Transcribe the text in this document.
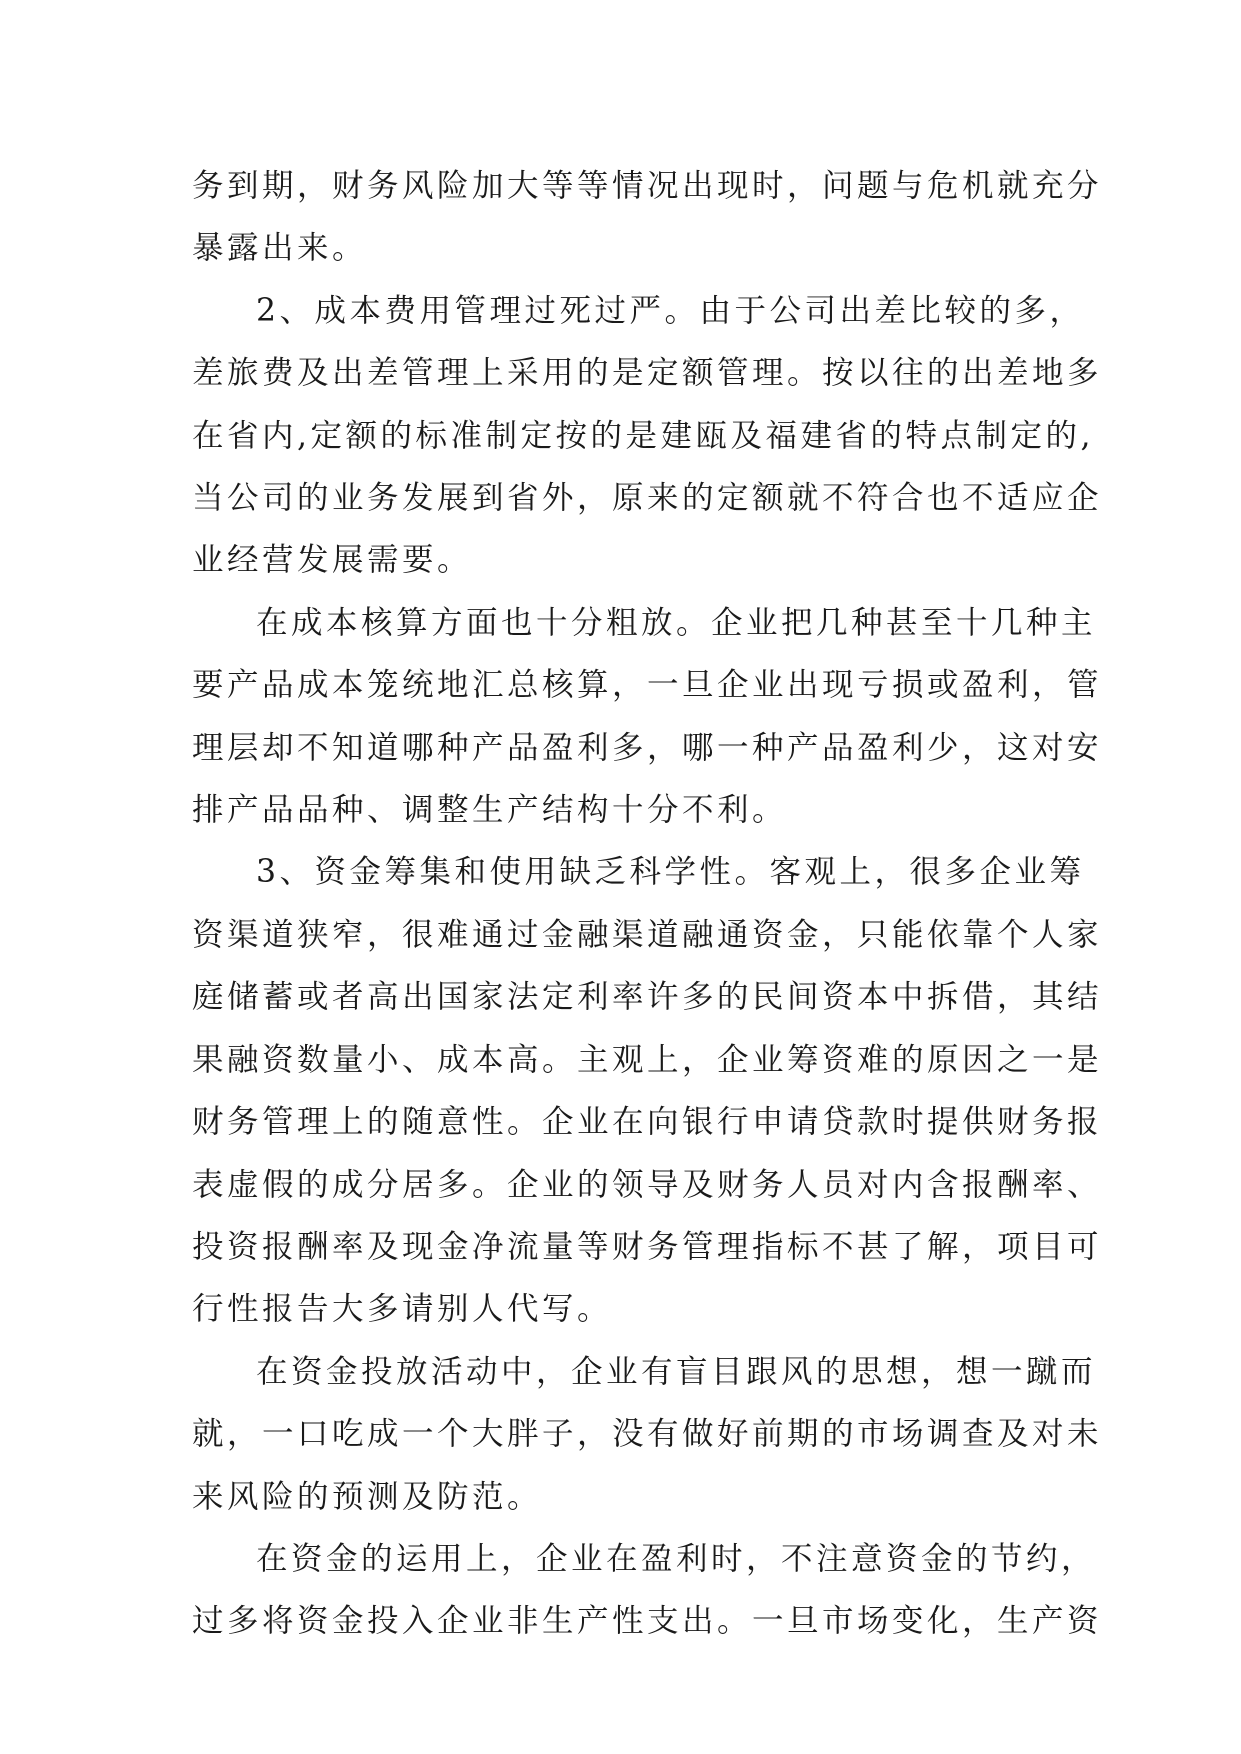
务到期，财务风险加大等等情况出现时，问题与危机就充分
暴露出来。

2、成本费用管理过死过严。由于公司出差比较的多，
差旅费及出差管理上采用的是定额管理。按以往的出差地多
在省内,定额的标准制定按的是建瓯及福建省的特点制定的,
当公司的业务发展到省外，原来的定额就不符合也不适应企
业经营发展需要。

在成本核算方面也十分粗放。企业把几种甚至十几种主
要产品成本笼统地汇总核算，一旦企业出现亏损或盈利，管
理层却不知道哪种产品盈利多，哪一种产品盈利少，这对安
排产品品种、调整生产结构十分不利。

3、资金筹集和使用缺乏科学性。客观上，很多企业筹
资渠道狭窄，很难通过金融渠道融通资金，只能依靠个人家
庭储蓄或者高出国家法定利率许多的民间资本中拆借，其结
果融资数量小、成本高。主观上，企业筹资难的原因之一是
财务管理上的随意性。企业在向银行申请贷款时提供财务报
表虚假的成分居多。企业的领导及财务人员对内含报酬率、
投资报酬率及现金净流量等财务管理指标不甚了解，项目可
行性报告大多请别人代写。

在资金投放活动中，企业有盲目跟风的思想，想一蹴而
就，一口吃成一个大胖子，没有做好前期的市场调查及对未
来风险的预测及防范。

在资金的运用上，企业在盈利时，不注意资金的节约，
过多将资金投入企业非生产性支出。一旦市场变化，生产资
